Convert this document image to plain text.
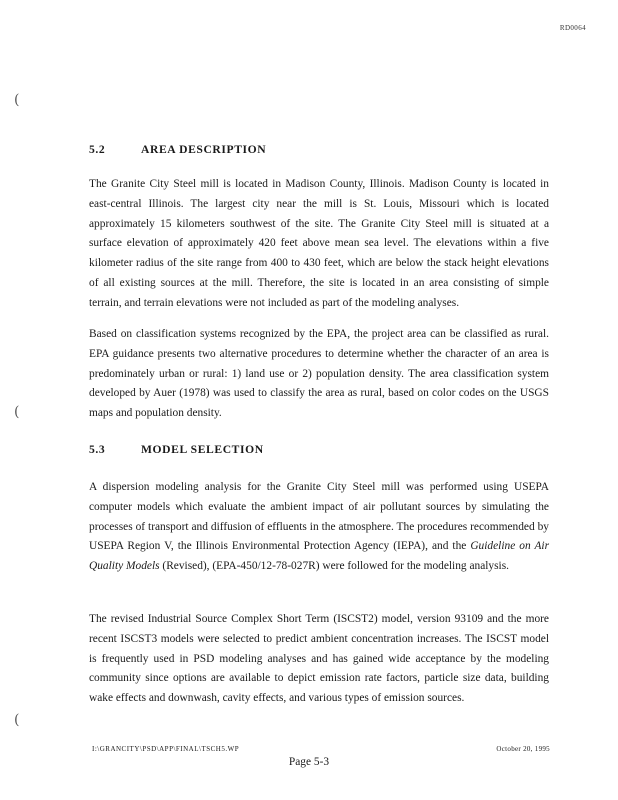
(
(
(
RD0064
5.2	AREA DESCRIPTION

The Granite City Steel mill is located in Madison County, Illinois. Madison County is located in east-central Illinois. The largest city near the mill is St. Louis, Missouri which is located approximately 15 kilometers southwest of the site. The Granite City Steel mill is situated at a surface elevation of approximately 420 feet above mean sea level. The elevations within a five kilometer radius of the site range from 400 to 430 feet, which are below the stack height elevations of all existing sources at the mill. Therefore, the site is located in an area consisting of simple terrain, and terrain elevations were not included as part of the modeling analyses.

Based on classification systems recognized by the EPA, the project area can be classified as rural. EPA guidance presents two alternative procedures to determine whether the character of an area is predominately urban or rural: 1) land use or 2) population density. The area classification system developed by Auer (1978) was used to classify the area as rural, based on color codes on the USGS maps and population density.

5.3	MODEL SELECTION

A dispersion modeling analysis for the Granite City Steel mill was performed using USEPA computer models which evaluate the ambient impact of air pollutant sources by simulating the processes of transport and diffusion of effluents in the atmosphere. The procedures recommended by USEPA Region V, the Illinois Environmental Protection Agency (IEPA), and the Guideline on Air Quality Models (Revised), (EPA-450/12-78-027R) were followed for the modeling analysis.

The revised Industrial Source Complex Short Term (ISCST2) model, version 93109 and the more recent ISCST3 models were selected to predict ambient concentration increases. The ISCST model is frequently used in PSD modeling analyses and has gained wide acceptance by the modeling community since options are available to depict emission rate factors, particle size data, building wake effects and downwash, cavity effects, and various types of emission sources.

I:\GRANCITY\PSD\APP\FINAL\TSCH5.WP	October 20, 1995
Page 5-3
